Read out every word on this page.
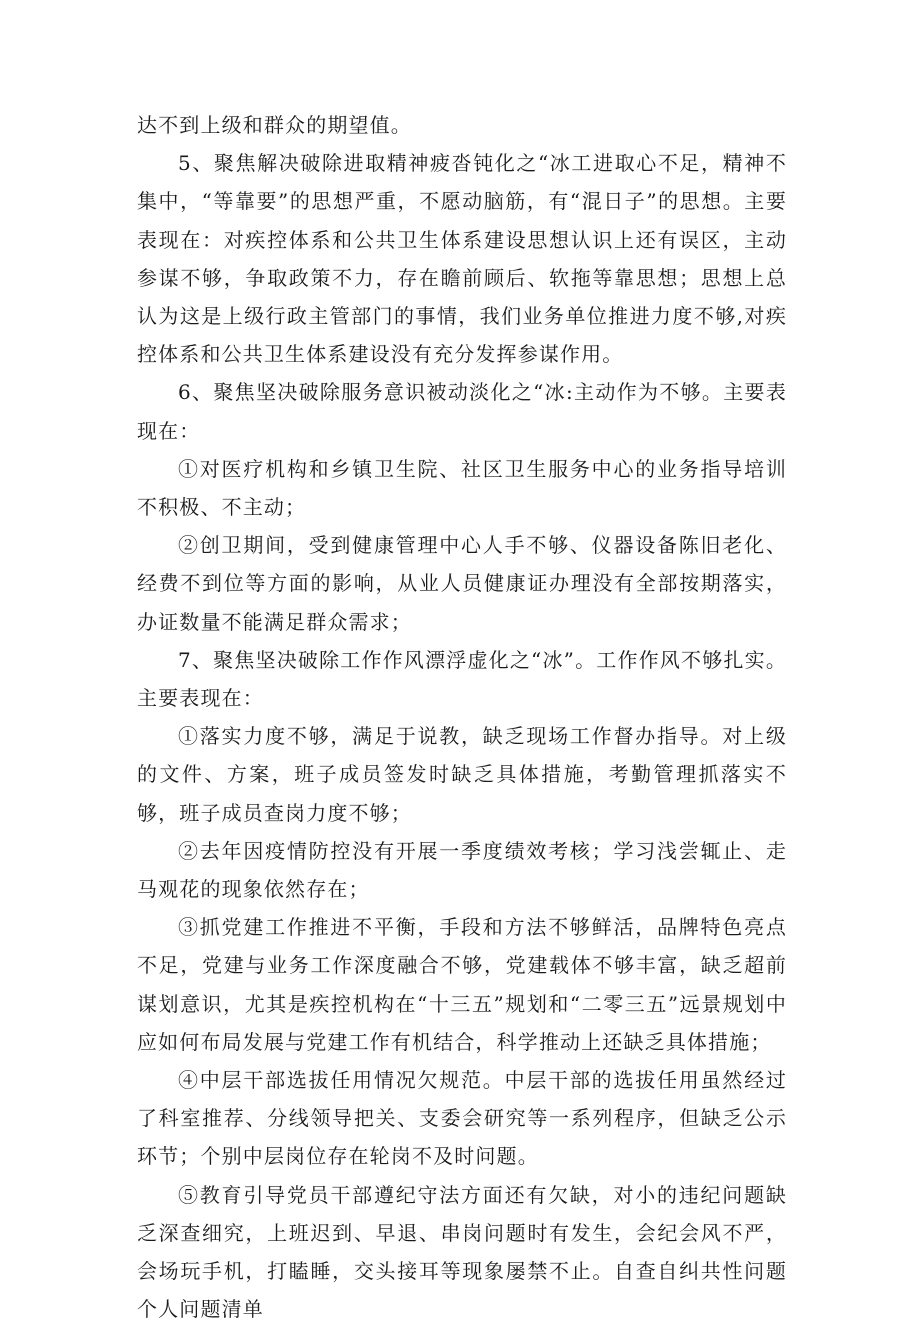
达不到上级和群众的期望值。

5、聚焦解决破除进取精神疲沓钝化之“冰工进取心不足，精神不集中，“等靠要”的思想严重，不愿动脑筋，有“混日子”的思想。主要表现在：对疾控体系和公共卫生体系建设思想认识上还有误区，主动参谋不够，争取政策不力，存在瞻前顾后、软拖等靠思想；思想上总认为这是上级行政主管部门的事情，我们业务单位推进力度不够,对疾控体系和公共卫生体系建设没有充分发挥参谋作用。

6、聚焦坚决破除服务意识被动淡化之“冰:主动作为不够。主要表现在：

①对医疗机构和乡镇卫生院、社区卫生服务中心的业务指导培训不积极、不主动；

②创卫期间，受到健康管理中心人手不够、仪器设备陈旧老化、经费不到位等方面的影响，从业人员健康证办理没有全部按期落实，办证数量不能满足群众需求；

7、聚焦坚决破除工作作风漂浮虚化之“冰”。工作作风不够扎实。主要表现在：

①落实力度不够，满足于说教，缺乏现场工作督办指导。对上级的文件、方案，班子成员签发时缺乏具体措施，考勤管理抓落实不够，班子成员查岗力度不够；

②去年因疫情防控没有开展一季度绩效考核；学习浅尝辄止、走马观花的现象依然存在；

③抓党建工作推进不平衡，手段和方法不够鲜活，品牌特色亮点不足，党建与业务工作深度融合不够，党建载体不够丰富，缺乏超前谋划意识，尤其是疾控机构在“十三五”规划和“二零三五”远景规划中应如何布局发展与党建工作有机结合，科学推动上还缺乏具体措施；

④中层干部选拔任用情况欠规范。中层干部的选拔任用虽然经过了科室推荐、分线领导把关、支委会研究等一系列程序，但缺乏公示环节；个别中层岗位存在轮岗不及时问题。

⑤教育引导党员干部遵纪守法方面还有欠缺，对小的违纪问题缺乏深查细究，上班迟到、早退、串岗问题时有发生，会纪会风不严，会场玩手机，打瞌睡，交头接耳等现象屡禁不止。自查自纠共性问题个人问题清单
